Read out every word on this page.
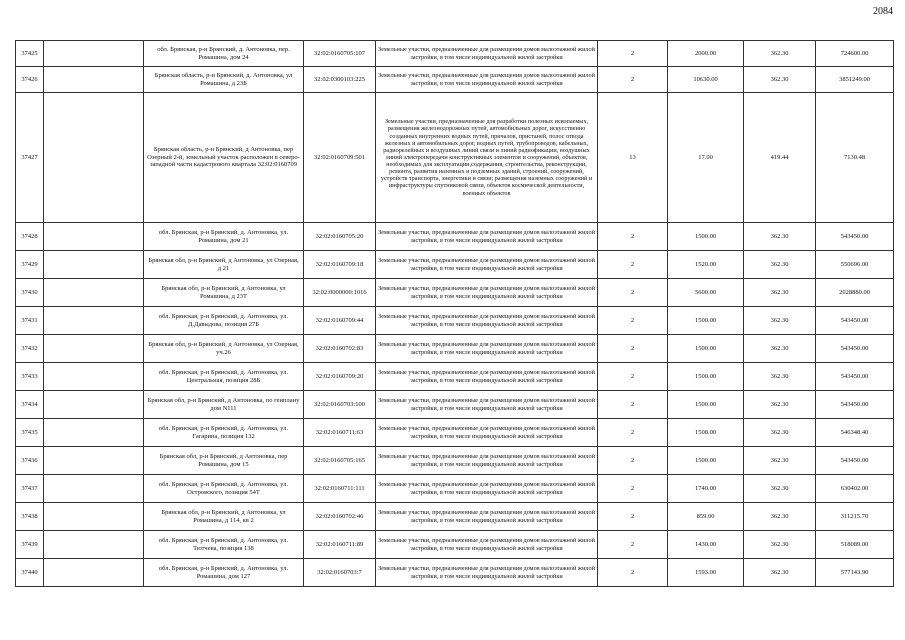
2084
37425		обл. Брянская, р-н Брянский, д. Антоновка, пер. Ромашина, дом 24	32:02:0160705:107	Земельные участки, предназначенные для размещения домов малоэтажной жилой застройки, в том числе индивидуальной жилой застройки	2	2000.00	362.30	724600.00
37426		Брянская область, р-н Брянский, д. Антоновка, ул Ромашина, д 23Б	32:02:0300103:225	Земельные участки, предназначенные для размещения домов малоэтажной жилой застройки, в том числе индивидуальной жилой застройки	2	10630.00	362.30	3851249.00
37427		Брянская область, р-н Брянский, д Антоновка, пер Озерный 2-й, земельный участок расположен в северо-западной части кадастрового квартала 32:02:0160709	32:02:0160709:501	Земельные участки, предназначенные для разработки полезных ископаемых, размещения железнодорожных путей, автомобильных дорог, искусственно созданных внутренних водных путей, причалов, пристаней, полос отвода железных и автомобильных дорог, водных путей, трубопроводов, кабельных, радиорелейных и воздушных линий связи и линий радиофикации, воздушных линий электропередачи конструктивных элементов и сооружений, объектов, необходимых для эксплуатации,содержания, строительства, реконструкции, ремонта, развития наземных и подземных зданий, строений, сооружений, устройств транспорта, энергетики и связи; размещения наземных сооружений и инфраструктуры спутниковой связи, объектов космической деятельности, военных объектов	13	17.00	419.44	7130.48
37428		обл. Брянская, р-н Брянский, д. Антоновка, ул. Ромашина, дом 21	32:02:0160705:20	Земельные участки, предназначенные для размещения домов малоэтажной жилой застройки, в том числе индивидуальной жилой застройки	2	1500.00	362.30	543450.00
37429		Брянская обл, р-н Брянский, д Антоновка, ул Озерная, д 21	32:02:0160709:18	Земельные участки, предназначенные для размещения домов малоэтажной жилой застройки, в том числе индивидуальной жилой застройки	2	1520.00	362.30	550696.00
37430		Брянская обл, р-н Брянский, д Антоновка, ул Ромашина, д 23Т	32:02:0000000:1016	Земельные участки, предназначенные для размещения домов малоэтажной жилой застройки, в том числе индивидуальной жилой застройки	2	5600.00	362.30	2028880.00
37431		обл. Брянская, р-н Брянский, д. Антоновка, ул. Д.Давыдова, позиция 27Б	32:02:0160709:44	Земельные участки, предназначенные для размещения домов малоэтажной жилой застройки, в том числе индивидуальной жилой застройки	2	1500.00	362.30	543450.00
37432		Брянская обл, р-н Брянский, д Антоновка, ул Озерная, уч.26	32:02:0160702:83	Земельные участки, предназначенные для размещения домов малоэтажной жилой застройки, в том числе индивидуальной жилой застройки	2	1500.00	362.30	543450.00
37433		обл. Брянская, р-н Брянский, д. Антоновка, ул. Центральная, позиция 28Б	32:02:0160709:20	Земельные участки, предназначенные для размещения домов малоэтажной жилой застройки, в том числе индивидуальной жилой застройки	2	1500.00	362.30	543450.00
37434		Брянская обл, р-н Брянский, д Антоновка, по генплану дом N111	32:02:0160703:100	Земельные участки, предназначенные для размещения домов малоэтажной жилой застройки, в том числе индивидуальной жилой застройки	2	1500.00	362.30	543450.00
37435		обл. Брянская, р-н Брянский, д. Антоновка, ул. Гагарина, позиция 132	32:02:0160711:63	Земельные участки, предназначенные для размещения домов малоэтажной жилой застройки, в том числе индивидуальной жилой застройки	2	1508.00	362.30	546348.40
37436		Брянская обл, р-н Брянский, д Антоновка, пер Ромашина, дом 15	32:02:0160705:165	Земельные участки, предназначенные для размещения домов малоэтажной жилой застройки, в том числе индивидуальной жилой застройки	2	1500.00	362.30	543450.00
37437		обл. Брянская, р-н Брянский, д. Антоновка, ул. Островского, позиция 54Т	32:02:0160711:111	Земельные участки, предназначенные для размещения домов малоэтажной жилой застройки, в том числе индивидуальной жилой застройки	2	1740.00	362.30	630402.00
37438		Брянская обл, р-н Брянский, д Антоновка, ул Ромашина, д 114, кв 2	32:02:0160702:46	Земельные участки, предназначенные для размещения домов малоэтажной жилой застройки, в том числе индивидуальной жилой застройки	2	859.00	362.30	311215.70
37439		обл. Брянская, р-н Брянский, д. Антоновка, ул. Тютчева, позиция 138	32:02:0160711:89	Земельные участки, предназначенные для размещения домов малоэтажной жилой застройки, в том числе индивидуальной жилой застройки	2	1430.00	362.30	518089.00
37440		обл. Брянская, р-н Брянский, д. Антоновка, ул. Ромашина, дом 127	32:02:0160703:7	Земельные участки, предназначенные для размещения домов малоэтажной жилой застройки, в том числе индивидуальной жилой застройки	2	1593.00	362.30	577143.90
